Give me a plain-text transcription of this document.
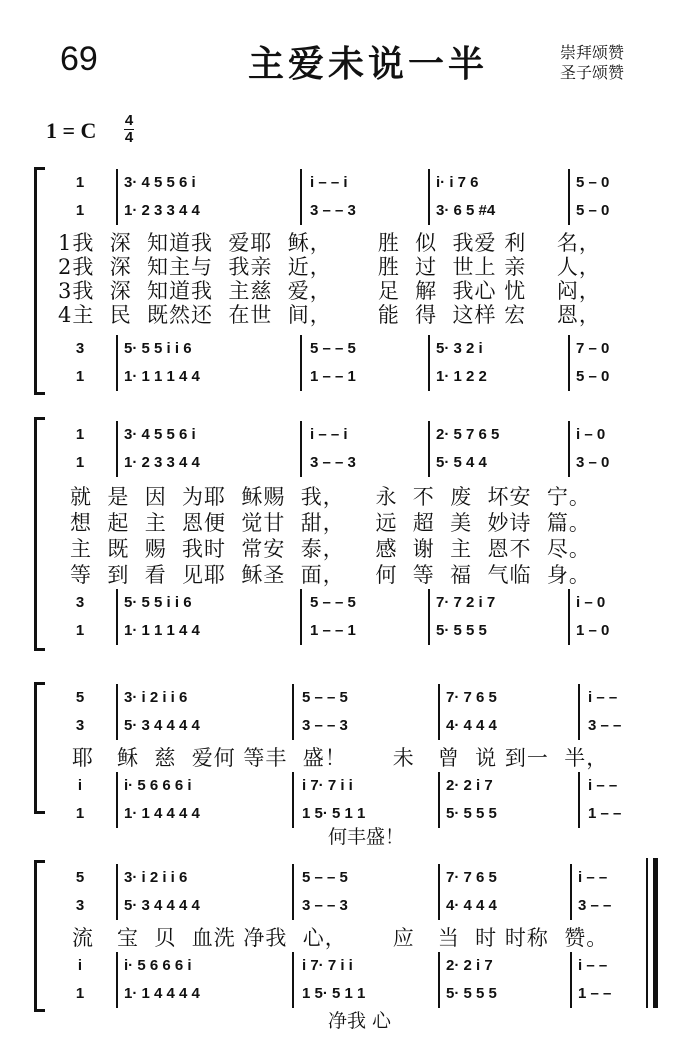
69	主爱未说一半	崇拜颂赞
圣子颂赞
1 = C 4
4
1	3· 4 5 5 6 i	i – – i	i· i 7 6	5 – 0
1	1· 2 3 3 4 4	3 – – 3	3· 6 5 #4	5 – 0
1我  深  知道我  爱耶  稣，      胜  似  我爱 利    名，
2我  深  知主与  我亲  近，      胜  过  世上 亲    人，
3我  深  知道我  主慈  爱，      足  解  我心 忧    闷，
4主  民  既然还  在世  间，      能  得  这样 宏    恩，
3	5· 5 5 i i 6	5 – – 5	5· 3 2 i	7 – 0
1	1· 1 1 1 4 4	1 – – 1	1· 1 2 2	5 – 0
1	3· 4 5 5 6 i	i – – i	2· 5 7 6 5	i – 0
1	1· 2 3 3 4 4	3 – – 3	5· 5 4 4	3 – 0
就  是  因  为耶  稣赐  我，    永  不  废  坏安  宁。
想  起  主  恩便  觉甘  甜，    远  超  美  妙诗  篇。
主  既  赐  我时  常安  泰，    感  谢  主  恩不  尽。
等  到  看  见耶  稣圣  面，    何  等  福  气临  身。
3	5· 5 5 i i 6	5 – – 5	7· 7 2 i 7	i – 0
1	1· 1 1 1 4 4	1 – – 1	5· 5 5 5	1 – 0
5	3· i 2 i i 6	5 – – 5	7· 7 6 5	i – –
3	5· 3 4 4 4 4	3 – – 3	4· 4 4 4	3 – –
耶   稣  慈  爱何 等丰  盛！      未   曾  说 到一  半，
i	i· 5 6 6 6 i	i 7· 7 i i	2· 2 i 7	i – –
1	1· 1 4 4 4 4	1 5· 5 1 1	5· 5 5 5	1 – –
何丰盛！
5	3· i 2 i i 6	5 – – 5	7· 7 6 5	i – –
3	5· 3 4 4 4 4	3 – – 3	4· 4 4 4	3 – –
流   宝  贝  血洗 净我  心，      应   当  时 时称  赞。
i	i· 5 6 6 6 i	i 7· 7 i i	2· 2 i 7	i – –
1	1· 1 4 4 4 4	1 5· 5 1 1	5· 5 5 5	1 – –
净我 心
